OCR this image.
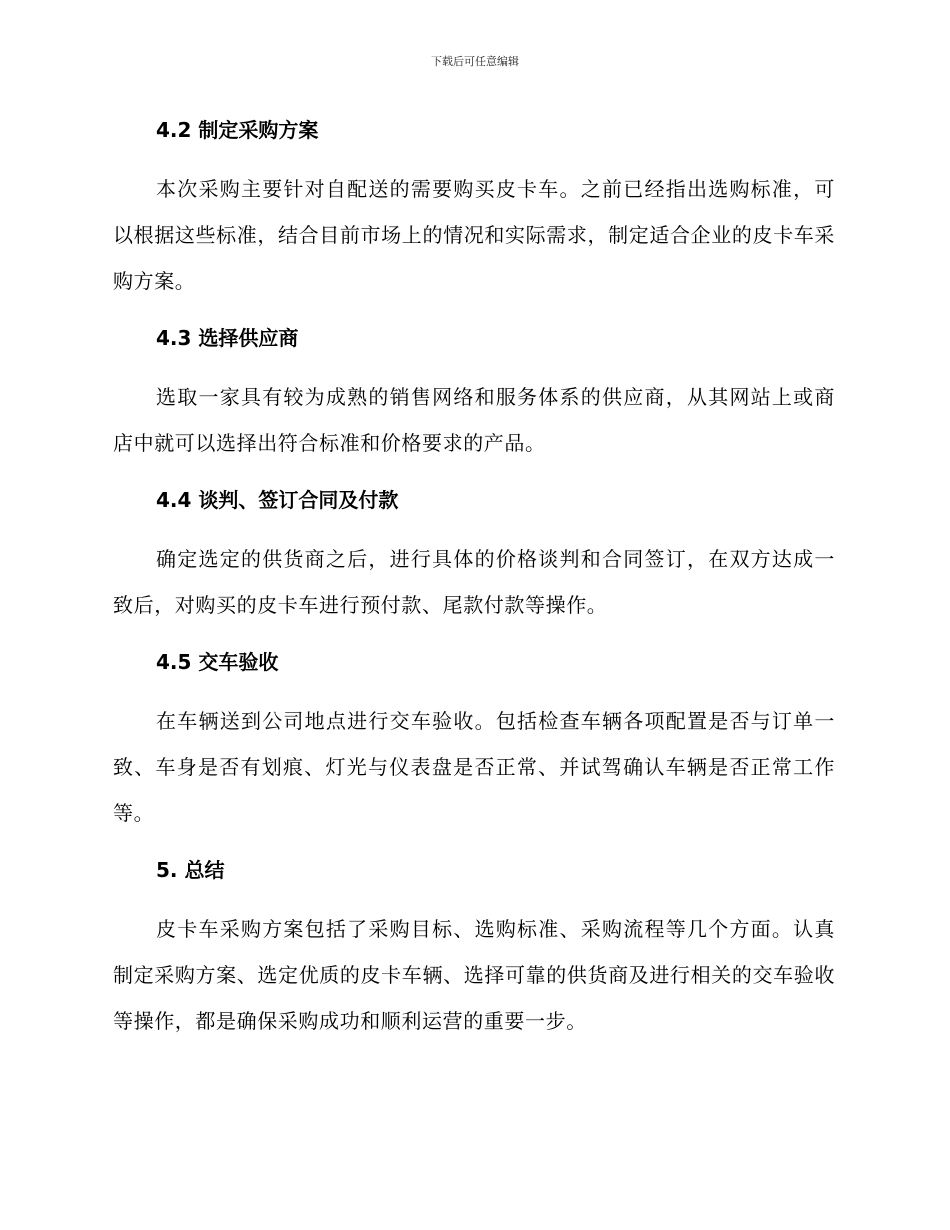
下载后可任意编辑
4.2 制定采购方案

本次采购主要针对自配送的需要购买皮卡车。之前已经指出选购标准，可以根据这些标准，结合目前市场上的情况和实际需求，制定适合企业的皮卡车采购方案。

4.3 选择供应商

选取一家具有较为成熟的销售网络和服务体系的供应商，从其网站上或商店中就可以选择出符合标准和价格要求的产品。

4.4 谈判、签订合同及付款

确定选定的供货商之后，进行具体的价格谈判和合同签订，在双方达成一致后，对购买的皮卡车进行预付款、尾款付款等操作。

4.5 交车验收

在车辆送到公司地点进行交车验收。包括检查车辆各项配置是否与订单一致、车身是否有划痕、灯光与仪表盘是否正常、并试驾确认车辆是否正常工作等。

5. 总结

皮卡车采购方案包括了采购目标、选购标准、采购流程等几个方面。认真制定采购方案、选定优质的皮卡车辆、选择可靠的供货商及进行相关的交车验收等操作，都是确保采购成功和顺利运营的重要一步。
